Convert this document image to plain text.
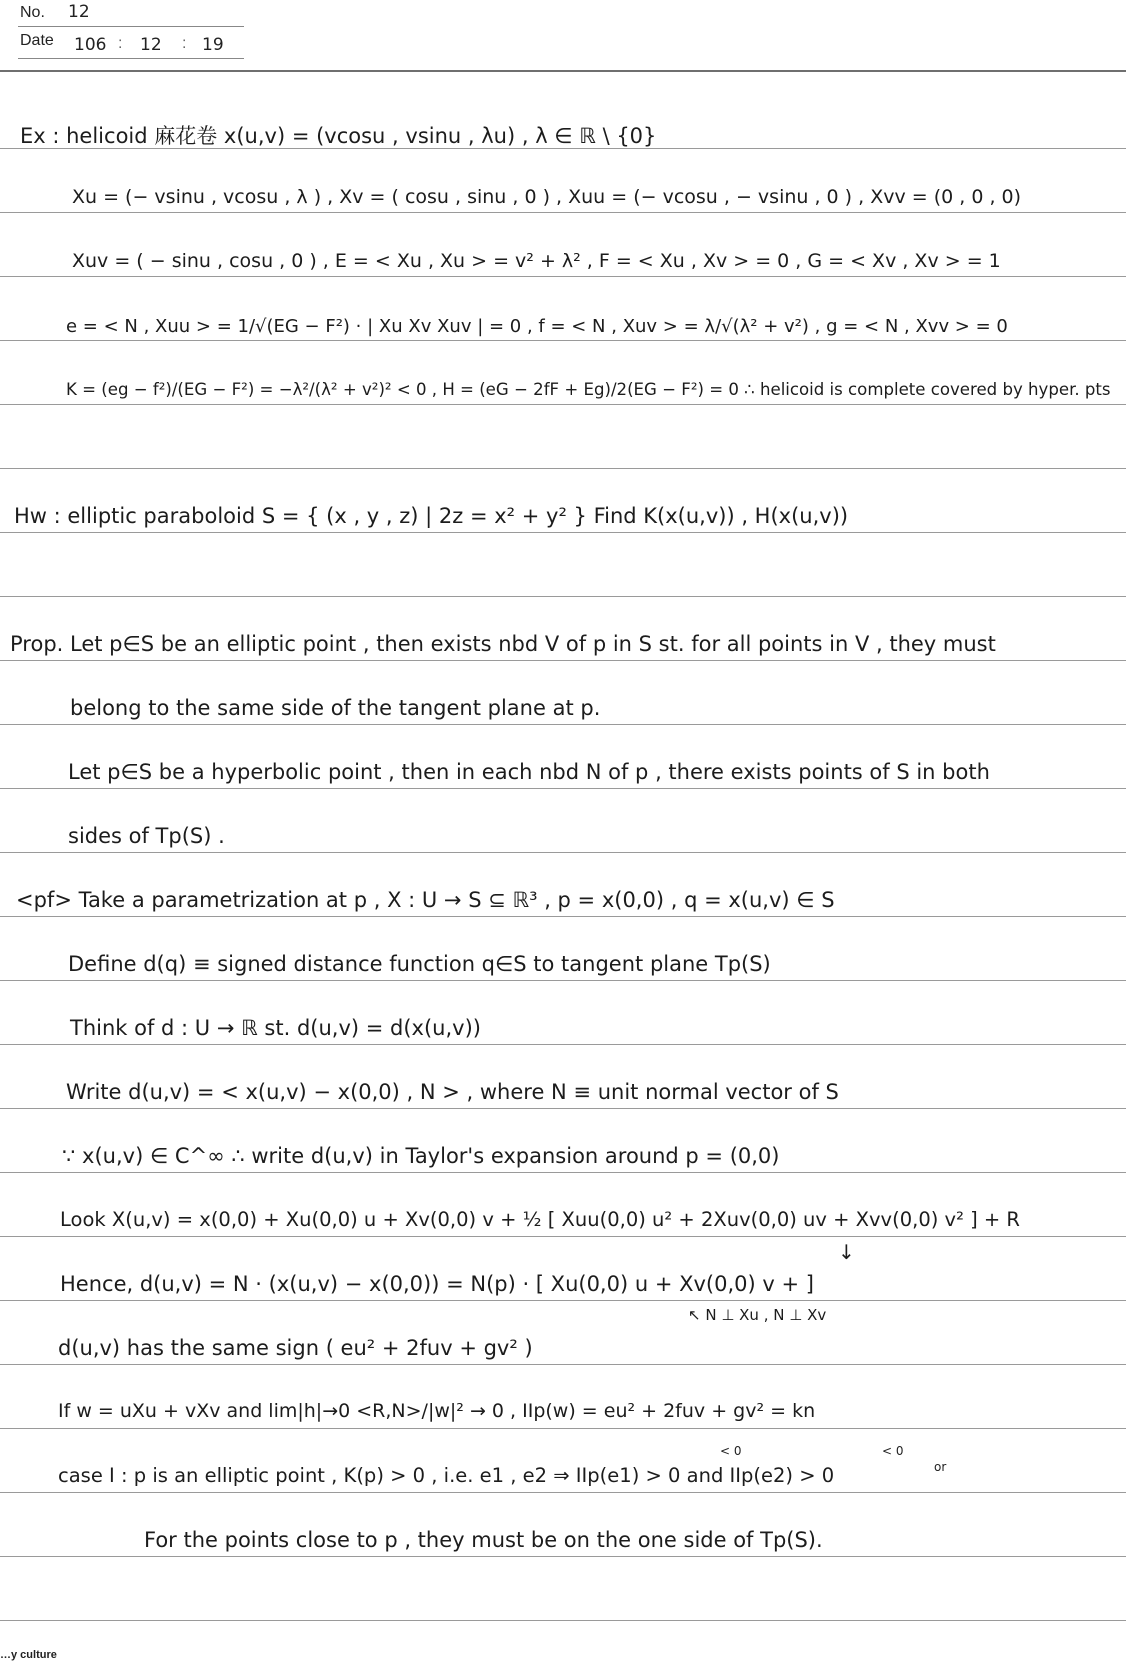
No. 12
Date 106 : 12 : 19
Ex : helicoid 麻花卷 x(u,v) = (vcosu , vsinu , λu) , λ ∈ ℝ \ {0}
Xu = (− vsinu , vcosu , λ ) , Xv = ( cosu , sinu , 0 ) , Xuu = (− vcosu , − vsinu , 0 ) , Xvv = (0 , 0 , 0)
Xuv = ( − sinu , cosu , 0 ) , E = < Xu , Xu > = v² + λ² , F = < Xu , Xv > = 0 , G = < Xv , Xv > = 1
e = < N , Xuu > = 1/√(EG − F²) · | Xu Xv Xuv | = 0 , f = < N , Xuv > = λ/√(λ² + v²) , g = < N , Xvv > = 0
K = (eg − f²)/(EG − F²) = −λ²/(λ² + v²)² < 0 , H = (eG − 2fF + Eg)/2(EG − F²) = 0 ∴ helicoid is complete covered by hyper. pts
Hw : elliptic paraboloid S = { (x , y , z) | 2z = x² + y² } Find K(x(u,v)) , H(x(u,v))
Prop. Let p∈S be an elliptic point , then exists nbd V of p in S st. for all points in V , they must
belong to the same side of the tangent plane at p.
Let p∈S be a hyperbolic point , then in each nbd N of p , there exists points of S in both
sides of Tp(S) .
<pf> Take a parametrization at p , X : U → S ⊆ ℝ³ , p = x(0,0) , q = x(u,v) ∈ S
Define d(q) ≡ signed distance function q∈S to tangent plane Tp(S)
Think of d : U → ℝ st. d(u,v) = d(x(u,v))
Write d(u,v) = < x(u,v) − x(0,0) , N > , where N ≡ unit normal vector of S
∵ x(u,v) ∈ C^∞ ∴ write d(u,v) in Taylor's expansion around p = (0,0)
Look X(u,v) = x(0,0) + Xu(0,0) u + Xv(0,0) v + ½ [ Xuu(0,0) u² + 2Xuv(0,0) uv + Xvv(0,0) v² ] + R
Hence, d(u,v) = N · (x(u,v) − x(0,0)) = N(p) · [ Xu(0,0) u + Xv(0,0) v + ]
d(u,v) has the same sign ( eu² + 2fuv + gv² )
If w = uXu + vXv and lim|h|→0 <R,N>/|w|² → 0 , IIp(w) = eu² + 2fuv + gv² = kn
case I : p is an elliptic point , K(p) > 0 , i.e. e1 , e2 ⇒ IIp(e1) > 0 and IIp(e2) > 0
For the points close to p , they must be on the one side of Tp(S).
↓
↖ N ⊥ Xu , N ⊥ Xv
< 0	< 0
or
…y culture
